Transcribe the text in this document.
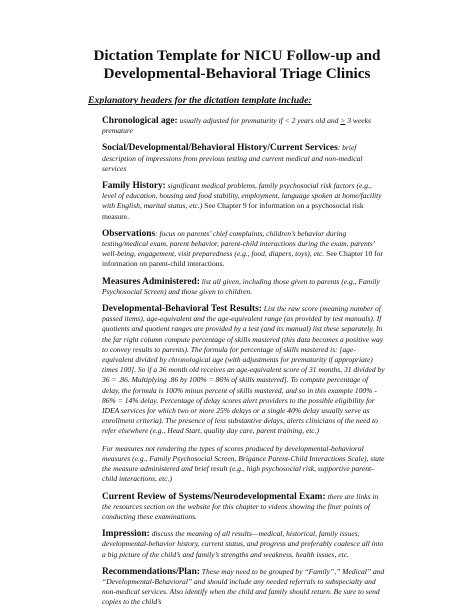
Dictation Template for NICU Follow-up and Developmental-Behavioral Triage Clinics

Explanatory headers for the dictation template include:

Chronological age: usually adjusted for prematurity if < 2 years old and ≥ 3 weeks premature

Social/Developmental/Behavioral History/Current Services: brief description of impressions from previous testing and current medical and non-medical services

Family History: significant medical problems, family psychosocial risk factors (e.g., level of education, housing and food stability, employment, language spoken at home/facility with English, marital status, etc.) See Chapter 9 for information on a psychosocial risk measure.

Observations: focus on parents’ chief complaints, children’s behavior during testing/medical exam, parent behavior, parent-child interactions during the exam, parents’ well-being, engagement, visit preparedness (e.g., food, diapers, toys), etc. See Chapter 10 for information on parent-child interactions.

Measures Administered: list all given, including those given to parents (e.g., Family Psychosocial Screen) and those given to children.

Developmental-Behavioral Test Results: List the raw score (meaning number of passed items), age-equivalent and the age-equivalent range (as provided by test manuals). If quotients and quotient ranges are provided by a test (and its manual) list these separately. In the far right column compute percentage of skills mastered (this data becomes a positive way to convey results to parents). The formula for percentage of skills mastered is: [age-equivalent divided by chronological age (with adjustments for prematurity if appropriate) times 100]. So if a 36 month old receives an age-equivalent score of 31 months, 31 divided by 36 = .86. Multiplying .86 by 100% = 86% of skills mastered]. To compute percentage of delay, the formula is 100% minus percent of skills mastered, and so in this example 100% - 86% = 14% delay. Percentage of delay scores alert providers to the possible eligibility for IDEA services for which two or more 25% delays or a single 40% delay usually serve as enrollment criteria). The presence of less substantive delays, alerts clinicians of the need to refer elsewhere (e.g., Head Start, quality day care, parent training, etc.)

For measures not rendering the types of scores produced by developmental-behavioral measures (e.g., Family Psychosocial Screen, Brigance Parent-Child Interactions Scale), state the measure administered and brief result (e.g., high psychosocial risk, supportive parent-child interactions, etc.)

Current Review of Systems/Neurodevelopmental Exam: there are links in the resources section on the website for this chapter to videos showing the finer points of conducting these examinations.

Impression: discuss the meaning of all results—medical, historical, family issues, developmental-behavior history, current status, and progress and preferably coalesce all into a big picture of the child’s and family’s strengths and weakness, health issues, etc.

Recommendations/Plan: These may need to be grouped by “Family”,” Medical” and “Developmental-Behavioral” and should include any needed referrals to subspecialty and non-medical services. Also identify when the child and family should return. Be sure to send copies to the child’s
